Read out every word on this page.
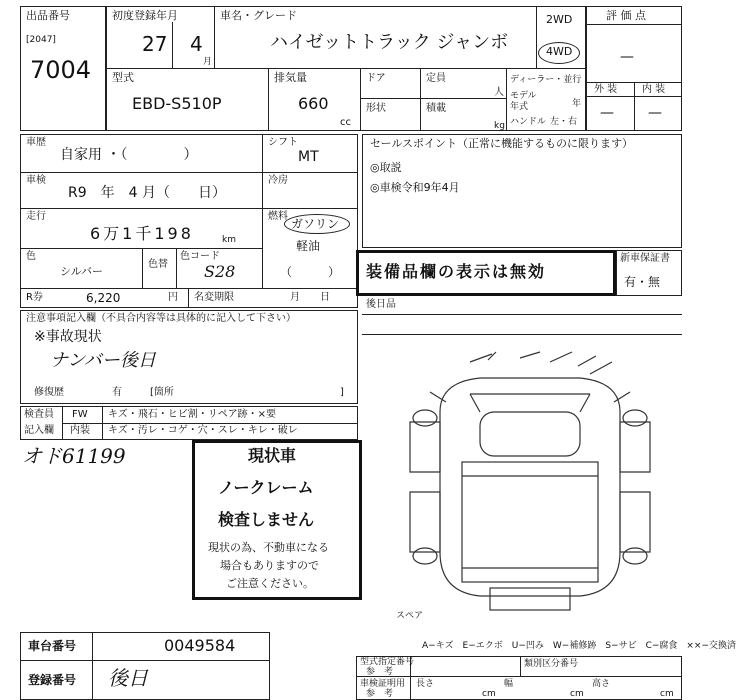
出品番号
[2047]
7004
初度登録年月
27 4
月
車名・グレード
ハイゼットトラック ジャンボ
2WD
4WD
型式
EBD-S510P
排気量
660
cc
ドア	定員
人
形状	積載
kg
ディーラー・並行
モデル
年式	年
ハンドル 左・右
評 価 点
—
外 装 内 装
— —
車歴
自家用 ・（　　　　）
シフト
MT
車検
R9　年　4 月（　　日）
冷房
走行
6万1千198	km
燃料
ガソリン
軽油
（　　　）
色
シルバー
色替
色コード
S28
R券	6,220	円 名変期限	月　　日
セールスポイント（正常に機能するものに限ります）
◎取説
◎車検令和9年4月
装備品欄の表示は無効
新車保証書
有・無
後日品
注意事項記入欄（不具合内容等は具体的に記入して下さい）
※事故現状
ナンバー後日
修復歴	有	[箇所	]
検査員
記入欄
FW
内装
キズ・飛石・ヒビ割・リペア跡・×要
キズ・汚レ・コゲ・穴・スレ・キレ・破レ
オド61199	現状車
ノークレーム
検査しません
現状の為、不動車になる
場合もありますので
ご注意ください。
スペア
A−キズ　E−エクボ　U−凹み　W−補修跡　S−サビ　C−腐食　××−交換済
車台番号	0049584
登録番号 後日
型式指定番号
参　考
類別区分番号
車検証明用
参　考
長さ
cm
幅
cm
高さ
cm
